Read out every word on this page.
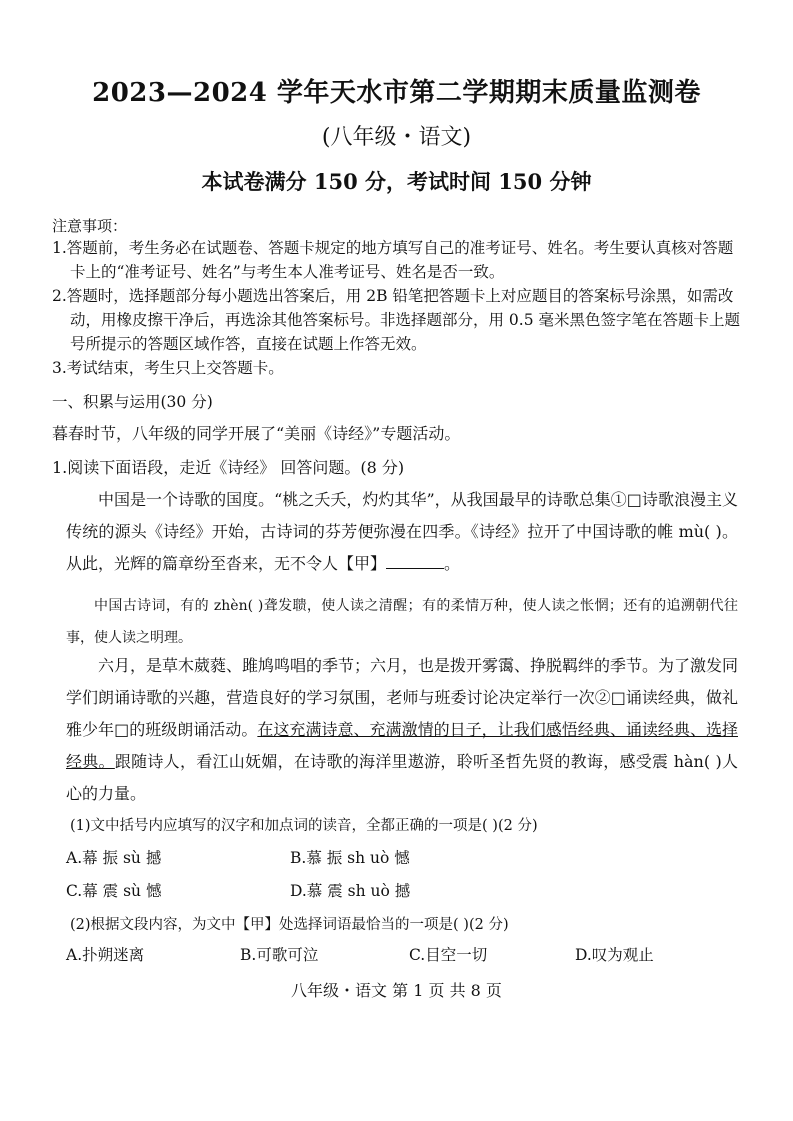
2023—2024 学年天水市第二学期期末质量监测卷
(八年级・语文)
本试卷满分 150 分，考试时间 150 分钟
注意事项：

1.答题前，考生务必在试题卷、答题卡规定的地方填写自己的准考证号、姓名。考生要认真核对答题卡上的“准考证号、姓名”与考生本人准考证号、姓名是否一致。

2.答题时，选择题部分每小题选出答案后，用 2B 铅笔把答题卡上对应题目的答案标号涂黑，如需改动，用橡皮擦干净后，再选涂其他答案标号。非选择题部分，用 0.5 毫米黑色签字笔在答题卡上题号所提示的答题区域作答，直接在试题上作答无效。

3.考试结束，考生只上交答题卡。

一、积累与运用(30 分)
暮春时节，八年级的同学开展了“美丽《诗经》”专题活动。
1.阅读下面语段，走近《诗经》 回答问题。(8 分)

中国是一个诗歌的国度。“桃之夭夭，灼灼其华”，从我国最早的诗歌总集①□诗歌浪漫主义传统的源头《诗经》开始，古诗词的芬芳便弥漫在四季。《诗经》拉开了中国诗歌的帷 mù( )。从此，光辉的篇章纷至沓来，无不令人【甲】	。

中国古诗词，有的 zhèn( )聋发聩，使人读之清醒；有的柔情万种，使人读之怅惘；还有的追溯朝代往事，使人读之明理。

六月，是草木葳蕤、雎鸠鸣唱的季节；六月，也是拨开雾霭、挣脱羁绊的季节。为了激发同学们朗诵诗歌的兴趣，营造良好的学习氛围，老师与班委讨论决定举行一次②□诵读经典，做礼雅少年□的班级朗诵活动。在这充满诗意、充满激情的日子，让我们感悟经典、诵读经典、选择经典。跟随诗人，看江山妩媚，在诗歌的海洋里遨游，聆听圣哲先贤的教诲，感受震 hàn( )人心的力量。

(1)文中括号内应填写的汉字和加点词的读音，全都正确的一项是( )(2 分)
A.幕 振 sù 撼	B.慕 振 sh uò 憾
C.幕 震 sù 憾	D.慕 震 sh uò 撼
(2)根据文段内容，为文中【甲】处选择词语最恰当的一项是( )(2 分)
A.扑朔迷离	B.可歌可泣	C.目空一切	D.叹为观止
八年级・语文 第 1 页 共 8 页
